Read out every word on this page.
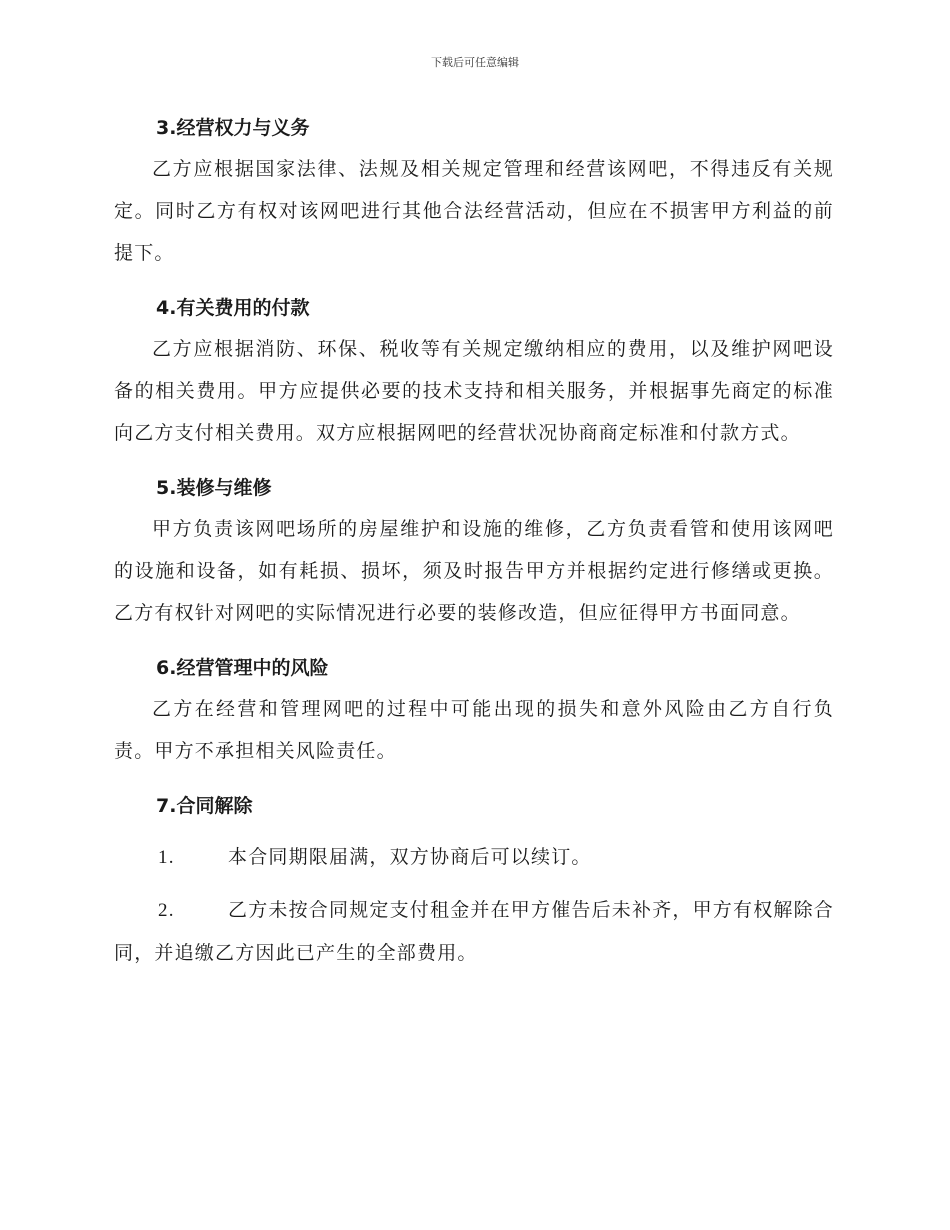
下载后可任意编辑
3.经营权力与义务

乙方应根据国家法律、法规及相关规定管理和经营该网吧，不得违反有关规定。同时乙方有权对该网吧进行其他合法经营活动，但应在不损害甲方利益的前提下。

4.有关费用的付款

乙方应根据消防、环保、税收等有关规定缴纳相应的费用，以及维护网吧设备的相关费用。甲方应提供必要的技术支持和相关服务，并根据事先商定的标准向乙方支付相关费用。双方应根据网吧的经营状况协商商定标准和付款方式。

5.装修与维修

甲方负责该网吧场所的房屋维护和设施的维修，乙方负责看管和使用该网吧的设施和设备，如有耗损、损坏，须及时报告甲方并根据约定进行修缮或更换。乙方有权针对网吧的实际情况进行必要的装修改造，但应征得甲方书面同意。

6.经营管理中的风险

乙方在经营和管理网吧的过程中可能出现的损失和意外风险由乙方自行负责。甲方不承担相关风险责任。

7.合同解除

1.	本合同期限届满，双方协商后可以续订。

2.	乙方未按合同规定支付租金并在甲方催告后未补齐，甲方有权解除合同，并追缴乙方因此已产生的全部费用。
